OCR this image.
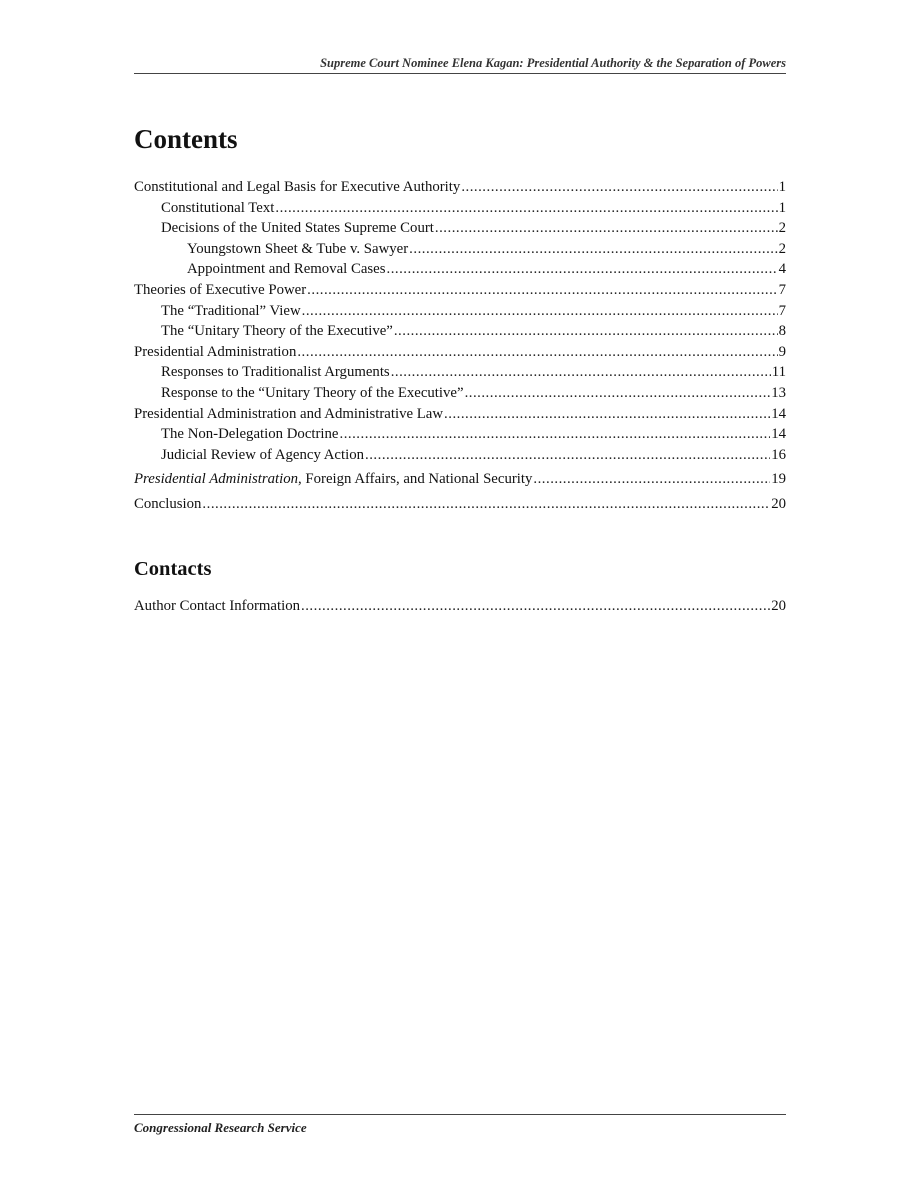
Supreme Court Nominee Elena Kagan: Presidential Authority & the Separation of Powers
Contents
Constitutional and Legal Basis for Executive Authority .....	1
Constitutional Text .....	1
Decisions of the United States Supreme Court .....	2
Youngstown Sheet & Tube v. Sawyer .....	2
Appointment and Removal Cases .....	4
Theories of Executive Power .....	7
The “Traditional” View .....	7
The “Unitary Theory of the Executive” .....	8
Presidential Administration .....	9
Responses to Traditionalist Arguments .....	11
Response to the “Unitary Theory of the Executive” .....	13
Presidential Administration and Administrative Law .....	14
The Non-Delegation Doctrine .....	14
Judicial Review of Agency Action .....	16
Presidential Administration, Foreign Affairs, and National Security .....	19
Conclusion .....	20
Contacts
Author Contact Information .....	20
Congressional Research Service
